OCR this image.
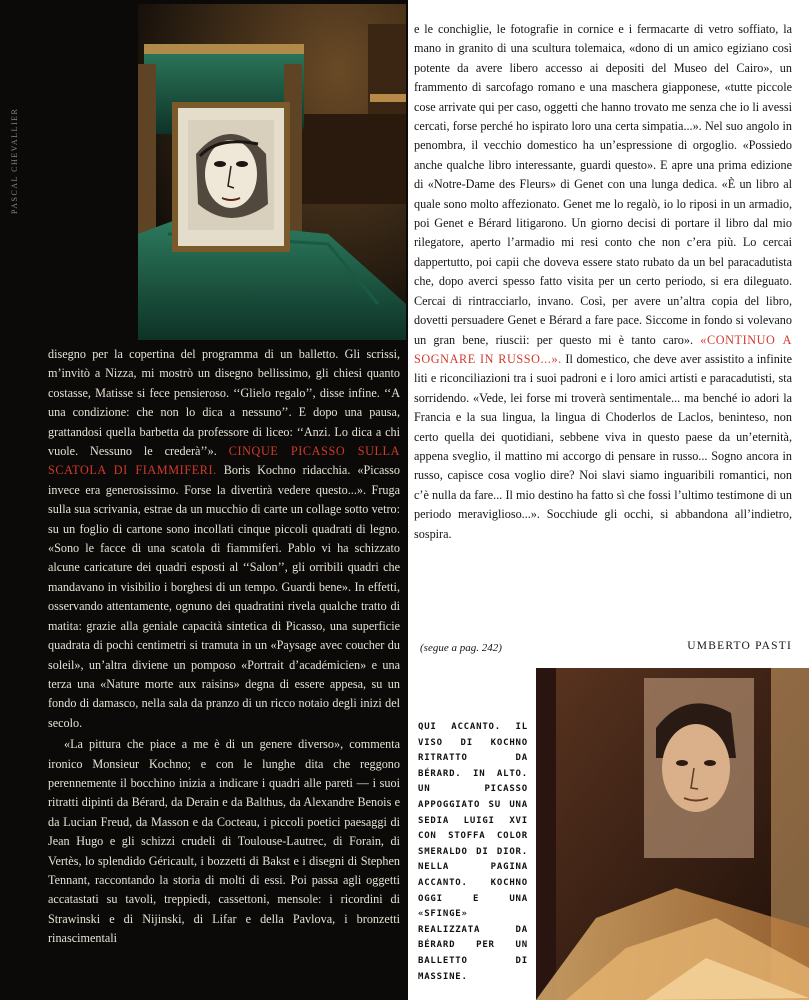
PASCAL CHEVALLIER

disegno per la copertina del programma di un balletto. Gli scrissi, m’invitò a Nizza, mi mostrò un disegno bellissimo, gli chiesi quanto costasse, Matisse si fece pensieroso. ‘‘Glielo regalo’’, disse infine. ‘‘A una condizione: che non lo dica a nessuno’’. E dopo una pausa, grattandosi quella barbetta da professore di liceo: ‘‘Anzi. Lo dica a chi vuole. Nessuno le crederà’’». CINQUE PICASSO SULLA SCATOLA DI FIAMMIFERI. Boris Kochno ridacchia. «Picasso invece era generosissimo. Forse la divertirà vedere questo...». Fruga sulla sua scrivania, estrae da un mucchio di carte un collage sotto vetro: su un foglio di cartone sono incollati cinque piccoli quadrati di legno. «Sono le facce di una scatola di fiammiferi. Pablo vi ha schizzato alcune caricature dei quadri esposti al ‘‘Salon’’, gli orribili quadri che mandavano in visibilio i borghesi di un tempo. Guardi bene». In effetti, osservando attentamente, ognuno dei quadratini rivela qualche tratto di matita: grazie alla geniale capacità sintetica di Picasso, una superficie quadrata di pochi centimetri si tramuta in un «Paysage avec coucher du soleil», un’altra diviene un pomposo «Portrait d’académicien» e una terza una «Nature morte aux raisins» degna di essere appesa, su un fondo di damasco, nella sala da pranzo di un ricco notaio degli inizi del secolo.

«La pittura che piace a me è di un genere diverso», commenta ironico Monsieur Kochno; e con le lunghe dita che reggono perennemente il bocchino inizia a indicare i quadri alle pareti — i suoi ritratti dipinti da Bérard, da Derain e da Balthus, da Alexandre Benois e da Lucian Freud, da Masson e da Cocteau, i piccoli poetici paesaggi di Jean Hugo e gli schizzi crudeli di Toulouse-Lautrec, di Forain, di Vertès, lo splendido Géricault, i bozzetti di Bakst e i disegni di Stephen Tennant, raccontando la storia di molti di essi. Poi passa agli oggetti accatastati su tavoli, treppiedi, cassettoni, mensole: i ricordini di Strawinski e di Nijinski, di Lifar e della Pavlova, i bronzetti rinascimentali

e le conchiglie, le fotografie in cornice e i fermacarte di vetro soffiato, la mano in granito di una scultura tolemaica, «dono di un amico egiziano così potente da avere libero accesso ai depositi del Museo del Cairo», un frammento di sarcofago romano e una maschera giapponese, «tutte piccole cose arrivate qui per caso, oggetti che hanno trovato me senza che io li avessi cercati, forse perché ho ispirato loro una certa simpatia...». Nel suo angolo in penombra, il vecchio domestico ha un’espressione di orgoglio. «Possiedo anche qualche libro interessante, guardi questo». E apre una prima edizione di «Notre-Dame des Fleurs» di Genet con una lunga dedica. «È un libro al quale sono molto affezionato. Genet me lo regalò, io lo riposi in un armadio, poi Genet e Bérard litigarono. Un giorno decisi di portare il libro dal mio rilegatore, aperto l’armadio mi resi conto che non c’era più. Lo cercai dappertutto, poi capii che doveva essere stato rubato da un bel paracadutista che, dopo averci spesso fatto visita per un certo periodo, si era dileguato. Cercai di rintracciarlo, invano. Così, per avere un’altra copia del libro, dovetti persuadere Genet e Bérard a fare pace. Siccome in fondo si volevano un gran bene, riuscii: per questo mi è tanto caro». «CONTINUO A SOGNARE IN RUSSO...». Il domestico, che deve aver assistito a infinite liti e riconciliazioni tra i suoi padroni e i loro amici artisti e paracadutisti, sta sorridendo. «Vede, lei forse mi troverà sentimentale... ma benché io adori la Francia e la sua lingua, la lingua di Choderlos de Laclos, beninteso, non certo quella dei quotidiani, sebbene viva in questo paese da un’eternità, appena sveglio, il mattino mi accorgo di pensare in russo... Sogno ancora in russo, capisce cosa voglio dire? Noi slavi siamo inguaribili romantici, non c’è nulla da fare... Il mio destino ha fatto sì che fossi l’ultimo testimone di un periodo meraviglioso...». Socchiude gli occhi, si abbandona all’indietro, sospira.

(segue a pag. 242)	UMBERTO PASTI
QUI ACCANTO. IL VISO DI KOCHNO RITRATTO DA BÉRARD. IN ALTO. UN PICASSO APPOGGIATO SU UNA SEDIA LUIGI XVI CON STOFFA COLOR SMERALDO DI DIOR. NELLA PAGINA ACCANTO. KOCHNO OGGI E UNA «SFINGE» REALIZZATA DA BÉRARD PER UN BALLETTO DI MASSINE.
